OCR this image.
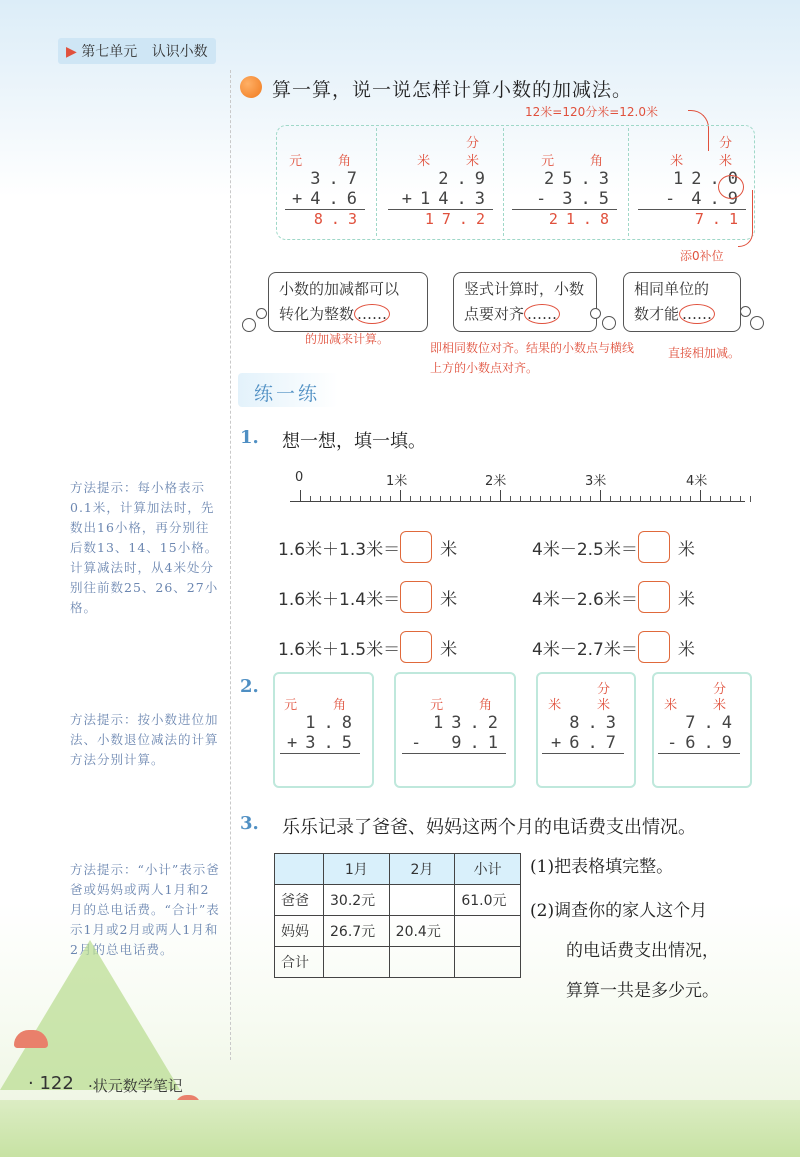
▶ 第七单元 认识小数
算一算，说一说怎样计算小数的加减法。
12米=120分米=12.0米
元 角
3.7
+ 4.6
8.3
分
米 米
2.9
+ 14.3
17.2
元 角
25.3
- 3.5
21.8
分
米 米
12.0
- 4.9
7.1
添0补位
小数的加减都可以
转化为整数 ……
的加减来计算。
竖式计算时，小数
点要对齐 ……
即相同数位对齐。结果的小数点与横线上方的小数点对齐。
相同单位的
数才能 ……
直接相加减。
练一练
1. 想一想，填一填。
0	1米	2米	3米	4米
1.6米＋1.3米＝ 米
1.6米＋1.4米＝ 米
1.6米＋1.5米＝ 米
4米－2.5米＝ 米
4米－2.6米＝ 米
4米－2.7米＝ 米
2.
元 角
1.8
+ 3.5
元 角
13.2
- 9.1
分
米 米
8.3
+ 6.7
分
米 米
7.4
- 6.9
3. 乐乐记录了爸爸、妈妈这两个月的电话费支出情况。
	1月	2月	小计
爸爸	30.2元		61.0元
妈妈	26.7元	20.4元	
合计			
(1)把表格填完整。
(2)调查你的家人这个月
的电话费支出情况，
算算一共是多少元。
方法提示：每小格表示0.1米，计算加法时，先数出16小格，再分别往后数13、14、15小格。计算减法时，从4米处分别往前数25、26、27小格。
方法提示：按小数进位加法、小数退位减法的计算方法分别计算。
方法提示：“小计”表示爸爸或妈妈或两人1月和2月的总电话费。“合计”表示1月或2月或两人1月和2月的总电话费。
· 122 ·状元数学笔记
